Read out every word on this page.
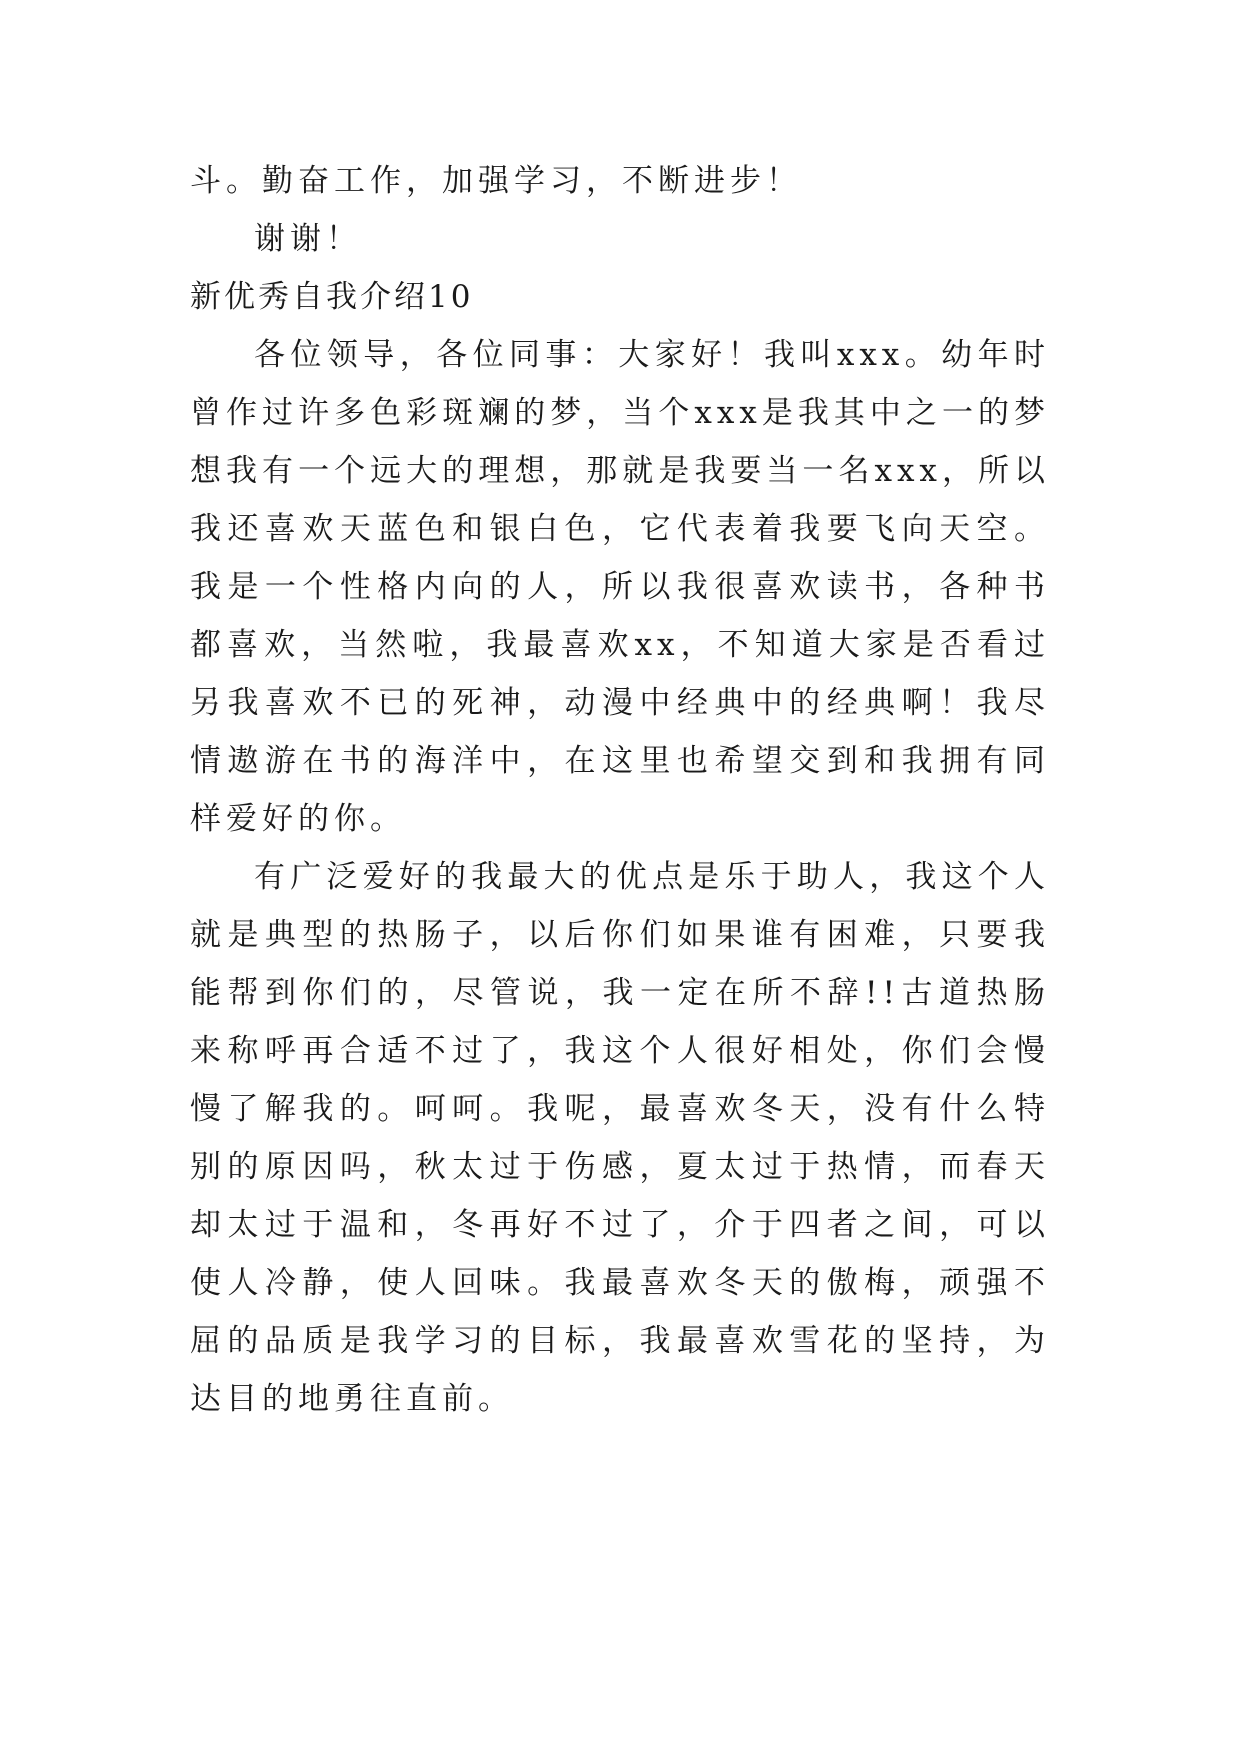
斗。勤奋工作，加强学习，不断进步！

谢谢！

新优秀自我介绍10

各位领导，各位同事：大家好！我叫xxx。幼年时曾作过许多色彩斑斓的梦，当个xxx是我其中之一的梦想我有一个远大的理想，那就是我要当一名xxx，所以我还喜欢天蓝色和银白色，它代表着我要飞向天空。我是一个性格内向的人，所以我很喜欢读书，各种书都喜欢，当然啦，我最喜欢xx，不知道大家是否看过另我喜欢不已的死神，动漫中经典中的经典啊！我尽情遨游在书的海洋中，在这里也希望交到和我拥有同样爱好的你。

有广泛爱好的我最大的优点是乐于助人，我这个人就是典型的热肠子，以后你们如果谁有困难，只要我能帮到你们的，尽管说，我一定在所不辞!!古道热肠来称呼再合适不过了，我这个人很好相处，你们会慢慢了解我的。呵呵。我呢，最喜欢冬天，没有什么特别的原因吗，秋太过于伤感，夏太过于热情，而春天却太过于温和，冬再好不过了，介于四者之间，可以使人冷静，使人回味。我最喜欢冬天的傲梅，顽强不屈的品质是我学习的目标，我最喜欢雪花的坚持，为达目的地勇往直前。
